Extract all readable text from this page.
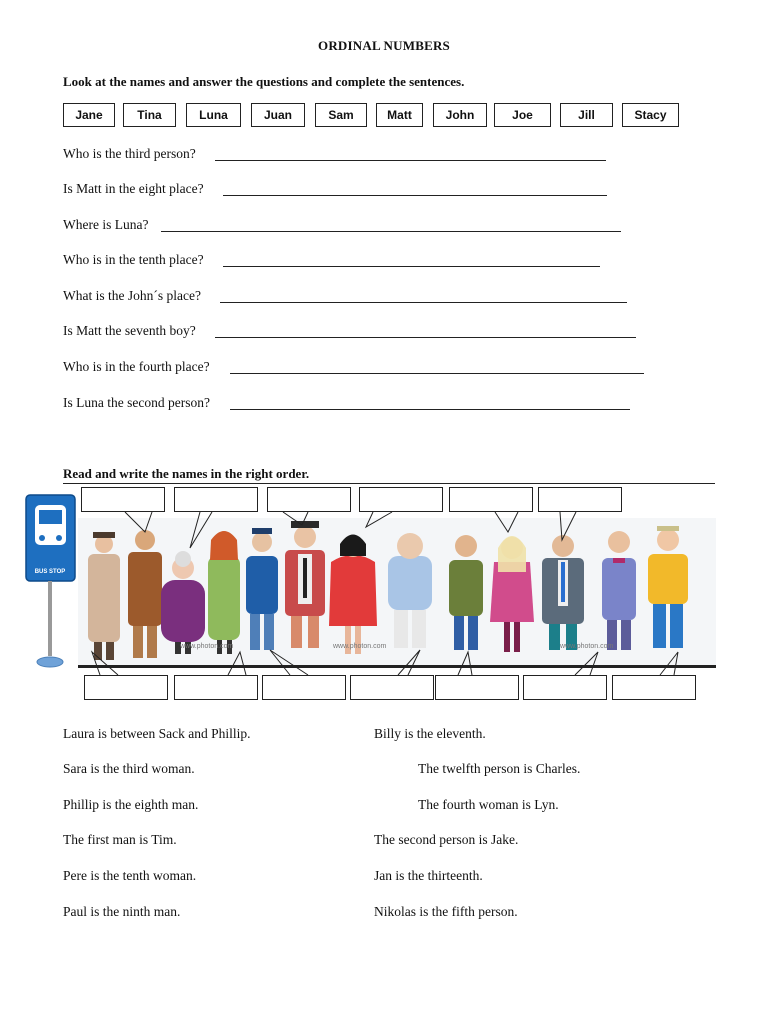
ORDINAL NUMBERS
Look at the names and answer the questions and complete the sentences.
Jane	Tina	Luna	Juan	Sam	Matt	John	Joe	Jill	Stacy
Who is the third person?
Is Matt in the eight place?
Where is Luna?
Who is in the tenth place?
What is the John´s place?
Is Matt the seventh boy?
Who is in the fourth place?
Is Luna the second person?
Read and write the names in the right order.
BUS STOP
www.photon.com	www.photon.com	www.photon.com
Laura is between Sack and Phillip.
Sara is the third woman.
Phillip is the eighth man.
The first man is Tim.
Pere is the tenth woman.
Paul is the ninth man.
Billy is the eleventh.
The twelfth person is Charles.
The fourth woman is Lyn.
The second person is Jake.
Jan is the thirteenth.
Nikolas is the fifth person.
